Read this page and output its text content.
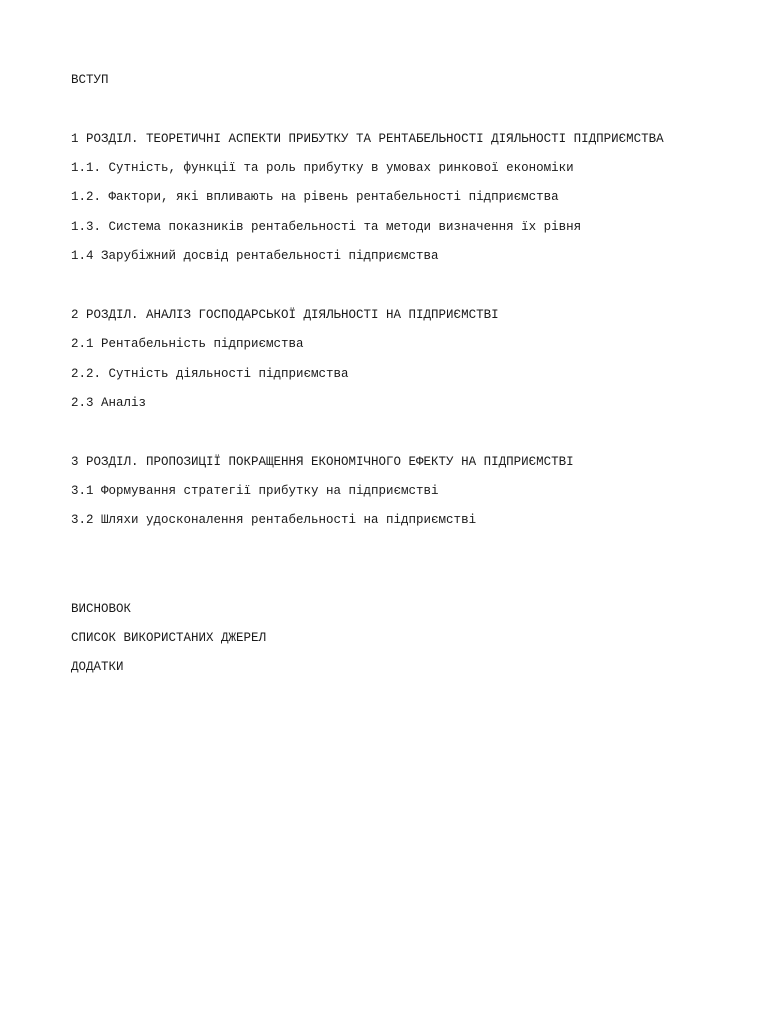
ВСТУП
1 РОЗДІЛ. ТЕОРЕТИЧНІ АСПЕКТИ ПРИБУТКУ ТА РЕНТАБЕЛЬНОСТІ ДІЯЛЬНОСТІ ПІДПРИЄМСТВА
1.1. Сутність, функції та роль прибутку в умовах ринкової економіки
1.2. Фактори, які впливають на рівень рентабельності підприємства
1.3. Система показників рентабельності та методи визначення їх рівня
1.4 Зарубіжний досвід рентабельності підприємства
2 РОЗДІЛ. АНАЛІЗ ГОСПОДАРСЬКОЇ ДІЯЛЬНОСТІ НА ПІДПРИЄМСТВІ
2.1 Рентабельність підприємства
2.2. Сутність діяльності підприємства
2.3 Аналіз
3 РОЗДІЛ. ПРОПОЗИЦІЇ ПОКРАЩЕННЯ ЕКОНОМІЧНОГО ЕФЕКТУ НА ПІДПРИЄМСТВІ
3.1 Формування стратегії прибутку на підприємстві
3.2 Шляхи удосконалення рентабельності на підприємстві
ВИСНОВОК
СПИСОК ВИКОРИСТАНИХ ДЖЕРЕЛ
ДОДАТКИ
